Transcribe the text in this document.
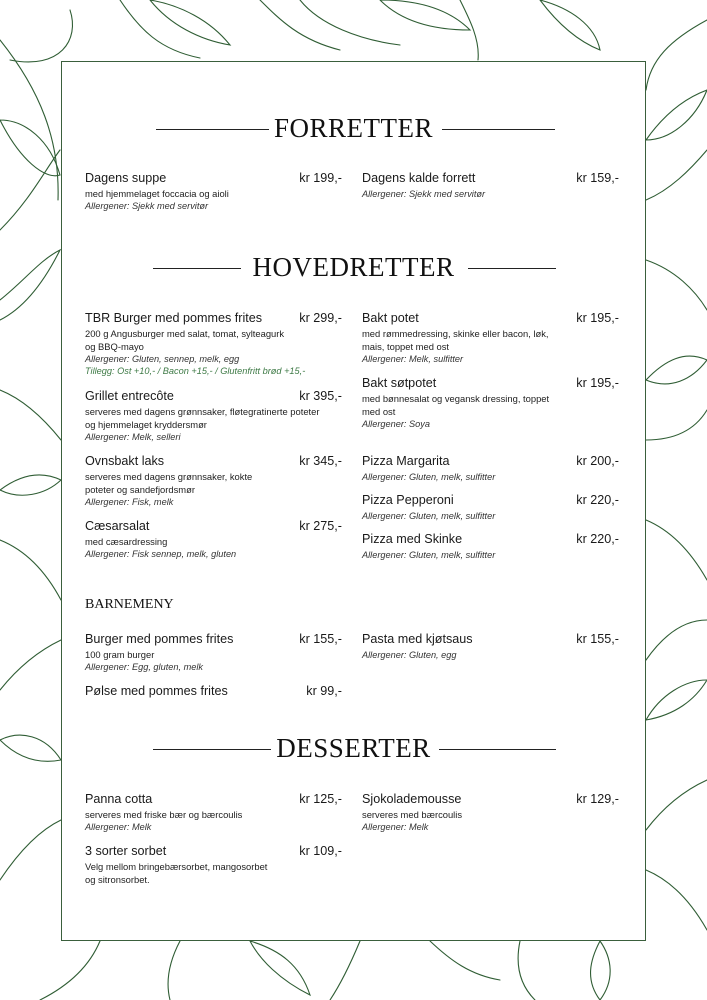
FORRETTER
Dagens suppe	kr 199,-
med hjemmelaget foccacia og aioli
Allergener: Sjekk med servitør
Dagens kalde forrett	kr 159,-
Allergener: Sjekk med servitør
HOVEDRETTER
TBR Burger med pommes frites	kr 299,-
200 g Angusburger med salat, tomat, sylteagurk og BBQ-mayo
Allergener: Gluten, sennep, melk, egg
Tillegg: Ost +10,- / Bacon +15,- / Glutenfritt brød +15,-
Grillet entrecôte	kr 395,-
serveres med dagens grønnsaker, fløtegratinerte poteter og hjemmelaget kryddersmør
Allergener: Melk, selleri
Ovnsbakt laks	kr 345,-
serveres med dagens grønnsaker, kokte poteter og sandefjordsmør
Allergener: Fisk, melk
Cæsarsalat	kr 275,-
med cæsardressing
Allergener: Fisk sennep, melk, gluten
Bakt potet	kr 195,-
med rømmedressing, skinke eller bacon, løk, mais, toppet med ost
Allergener: Melk, sulfitter
Bakt søtpotet	kr 195,-
med bønnesalat og vegansk dressing, toppet med ost
Allergener: Soya
Pizza Margarita	kr 200,-
Allergener: Gluten, melk, sulfitter
Pizza Pepperoni	kr 220,-
Allergener: Gluten, melk, sulfitter
Pizza med Skinke	kr 220,-
Allergener: Gluten, melk, sulfitter
BARNEMENY
Burger med pommes frites	kr 155,-
100 gram burger
Allergener: Egg, gluten, melk
Pølse med pommes frites	kr 99,-
Pasta med kjøtsaus	kr 155,-
Allergener: Gluten, egg
DESSERTER
Panna cotta	kr 125,-
serveres med friske bær og bærcoulis
Allergener: Melk
3 sorter sorbet	kr 109,-
Velg mellom bringebærsorbet, mangosorbet og sitronsorbet.
Sjokolademousse	kr 129,-
serveres med bærcoulis
Allergener: Melk
